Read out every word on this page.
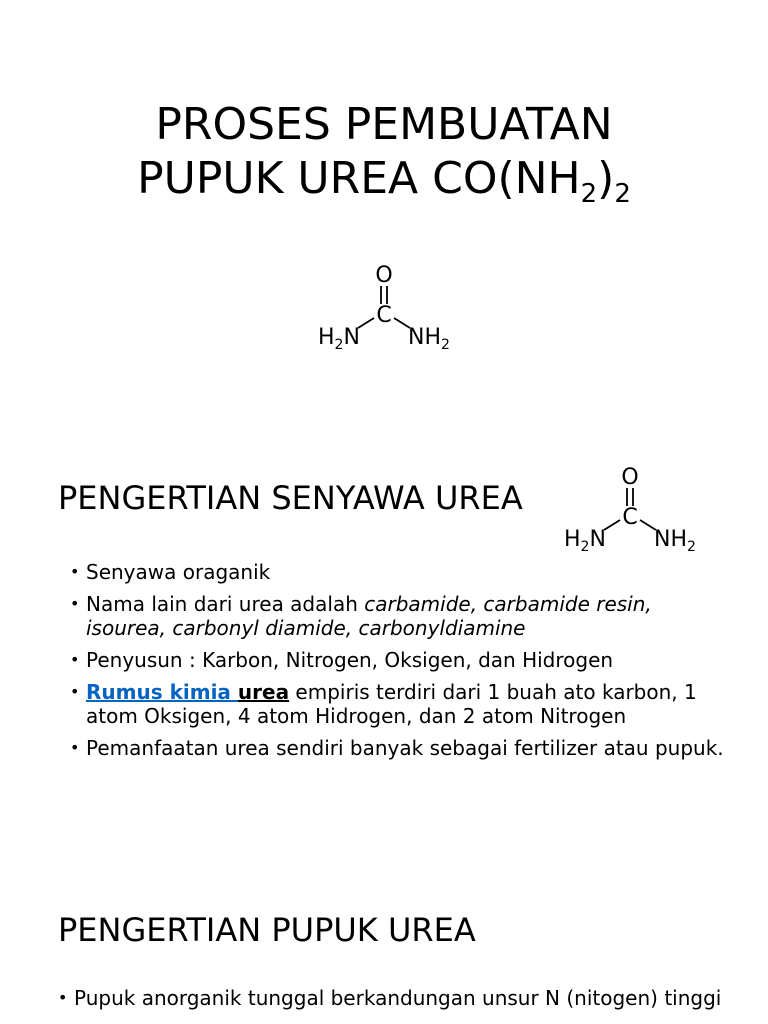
PROSES PEMBUATAN
PUPUK UREA $CO(NH_2)_2$
O
C
$H_2N$ $NH_2$
PENGERTIAN SENYAWA UREA
O
C
$H_2N$ $NH_2$
• Senyawa oraganik
• Nama lain dari urea adalah carbamide, carbamide resin, isourea, carbonyl diamide, carbonyldiamine
• Penyusun : Karbon, Nitrogen, Oksigen, dan Hidrogen
• Rumus kimia urea empiris terdiri dari 1 buah ato karbon, 1 atom Oksigen, 4 atom Hidrogen, dan 2 atom Nitrogen
• Pemanfaatan urea sendiri banyak sebagai fertilizer atau pupuk.
PENGERTIAN PUPUK UREA
• Pupuk anorganik tunggal berkandungan unsur N (nitogen) tinggi
